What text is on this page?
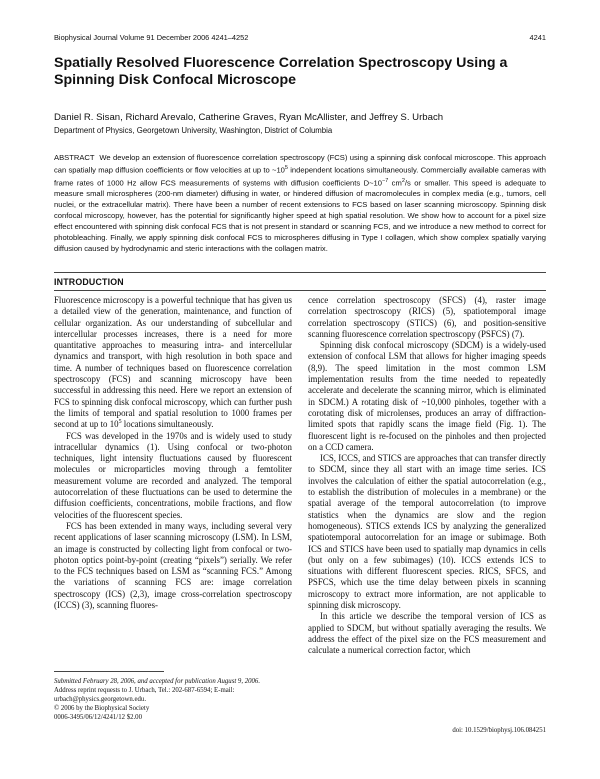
Biophysical Journal Volume 91 December 2006 4241–4252	4241
Spatially Resolved Fluorescence Correlation Spectroscopy Using a Spinning Disk Confocal Microscope
Daniel R. Sisan, Richard Arevalo, Catherine Graves, Ryan McAllister, and Jeffrey S. Urbach
Department of Physics, Georgetown University, Washington, District of Columbia
ABSTRACT We develop an extension of fluorescence correlation spectroscopy (FCS) using a spinning disk confocal microscope. This approach can spatially map diffusion coefficients or flow velocities at up to $\sim 10^5$ independent locations simultaneously. Commercially available cameras with frame rates of 1000 Hz allow FCS measurements of systems with diffusion coefficients $D\sim 10^{-7}$ $cm^2/s$ or smaller. This speed is adequate to measure small microspheres (200-nm diameter) diffusing in water, or hindered diffusion of macromolecules in complex media (e.g., tumors, cell nuclei, or the extracellular matrix). There have been a number of recent extensions to FCS based on laser scanning microscopy. Spinning disk confocal microscopy, however, has the potential for significantly higher speed at high spatial resolution. We show how to account for a pixel size effect encountered with spinning disk confocal FCS that is not present in standard or scanning FCS, and we introduce a new method to correct for photobleaching. Finally, we apply spinning disk confocal FCS to microspheres diffusing in Type I collagen, which show complex spatially varying diffusion caused by hydrodynamic and steric interactions with the collagen matrix.
INTRODUCTION

Fluorescence microscopy is a powerful technique that has given us a detailed view of the generation, maintenance, and function of cellular organization. As our understanding of subcellular and intercellular processes increases, there is a need for more quantitative approaches to measuring intra- and intercellular dynamics and transport, with high resolution in both space and time. A number of techniques based on fluorescence correlation spectroscopy (FCS) and scanning microscopy have been successful in addressing this need. Here we report an extension of FCS to spinning disk confocal microscopy, which can further push the limits of temporal and spatial resolution to 1000 frames per second at up to $10^5$ locations simultaneously.

FCS was developed in the 1970s and is widely used to study intracellular dynamics (1). Using confocal or two-photon techniques, light intensity fluctuations caused by fluorescent molecules or microparticles moving through a femtoliter measurement volume are recorded and analyzed. The temporal autocorrelation of these fluctuations can be used to determine the diffusion coefficients, concentrations, mobile fractions, and flow velocities of the fluorescent species.

FCS has been extended in many ways, including several very recent applications of laser scanning microscopy (LSM). In LSM, an image is constructed by collecting light from confocal or two-photon optics point-by-point (creating “pixels”) serially. We refer to the FCS techniques based on LSM as “scanning FCS.” Among the variations of scanning FCS are: image correlation spectroscopy (ICS) (2,3), image cross-correlation spectroscopy (ICCS) (3), scanning fluores-

cence correlation spectroscopy (SFCS) (4), raster image correlation spectroscopy (RICS) (5), spatiotemporal image correlation spectroscopy (STICS) (6), and position-sensitive scanning fluorescence correlation spectroscopy (PSFCS) (7).

Spinning disk confocal microscopy (SDCM) is a widely-used extension of confocal LSM that allows for higher imaging speeds (8,9). The speed limitation in the most common LSM implementation results from the time needed to repeatedly accelerate and decelerate the scanning mirror, which is eliminated in SDCM.) A rotating disk of ~10,000 pinholes, together with a corotating disk of microlenses, produces an array of diffraction-limited spots that rapidly scans the image field (Fig. 1). The fluorescent light is re-focused on the pinholes and then projected on a CCD camera.

ICS, ICCS, and STICS are approaches that can transfer directly to SDCM, since they all start with an image time series. ICS involves the calculation of either the spatial autocorrelation (e.g., to establish the distribution of molecules in a membrane) or the spatial average of the temporal autocorrelation (to improve statistics when the dynamics are slow and the region homogeneous). STICS extends ICS by analyzing the generalized spatiotemporal autocorrelation for an image or subimage. Both ICS and STICS have been used to spatially map dynamics in cells (but only on a few subimages) (10). ICCS extends ICS to situations with different fluorescent species. RICS, SFCS, and PSFCS, which use the time delay between pixels in scanning microscopy to extract more information, are not applicable to spinning disk microscopy.

In this article we describe the temporal version of ICS as applied to SDCM, but without spatially averaging the results. We address the effect of the pixel size on the FCS measurement and calculate a numerical correction factor, which

Submitted February 28, 2006, and accepted for publication August 9, 2006.
Address reprint requests to J. Urbach, Tel.: 202-687-6594; E-mail: urbach@physics.georgetown.edu.
© 2006 by the Biophysical Society
0006-3495/06/12/4241/12 $2.00
doi: 10.1529/biophysj.106.084251
